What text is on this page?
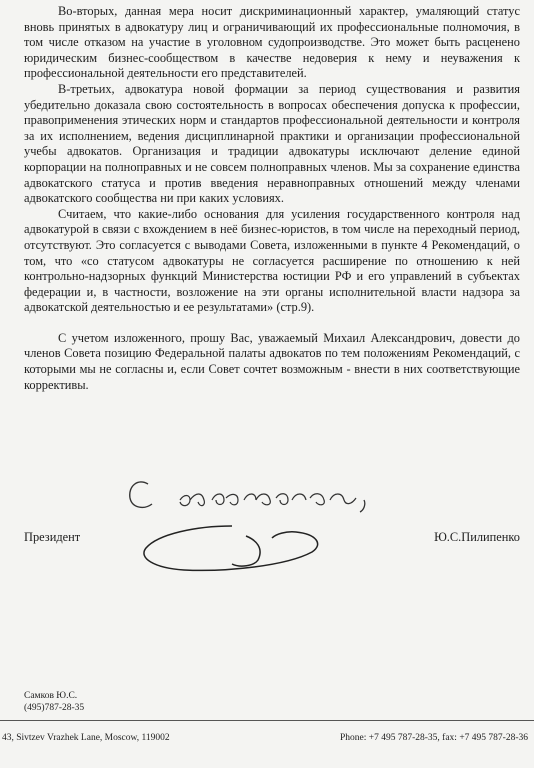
Во-вторых, данная мера носит дискриминационный характер, умаляющий статус вновь принятых в адвокатуру лиц и ограничивающий их профессиональные полномочия, в том числе отказом на участие в уголовном судопроизводстве. Это может быть расценено юридическим бизнес-сообществом в качестве недоверия к нему и неуважения к профессиональной деятельности его представителей.

В-третьих, адвокатура новой формации за период существования и развития убедительно доказала свою состоятельность в вопросах обеспечения допуска к профессии, правоприменения этических норм и стандартов профессиональной деятельности и контроля за их исполнением, ведения дисциплинарной практики и организации профессиональной учебы адвокатов. Организация и традиции адвокатуры исключают деление единой корпорации на полноправных и не совсем полноправных членов. Мы за сохранение единства адвокатского статуса и против введения неравноправных отношений между членами адвокатского сообщества ни при каких условиях.

Считаем, что какие-либо основания для усиления государственного контроля над адвокатурой в связи с вхождением в неё бизнес-юристов, в том числе на переходный период, отсутствуют. Это согласуется с выводами Совета, изложенными в пункте 4 Рекомендаций, о том, что «со статусом адвокатуры не согласуется расширение по отношению к ней контрольно-надзорных функций Министерства юстиции РФ и его управлений в субъектах федерации и, в частности, возложение на эти органы исполнительной власти надзора за адвокатской деятельностью и ее результатами» (стр.9).

С учетом изложенного, прошу Вас, уважаемый Михаил Александрович, довести до членов Совета позицию Федеральной палаты адвокатов по тем положениям Рекомендаций, с которыми мы не согласны и, если Совет сочтет возможным - внести в них соответствующие коррективы.

Президент	Ю.С.Пилипенко
Самков Ю.С.
(495)787-28-35
43, Sivtzev Vrazhek Lane, Moscow, 119002	Phone: +7 495 787-28-35, fax: +7 495 787-28-36
